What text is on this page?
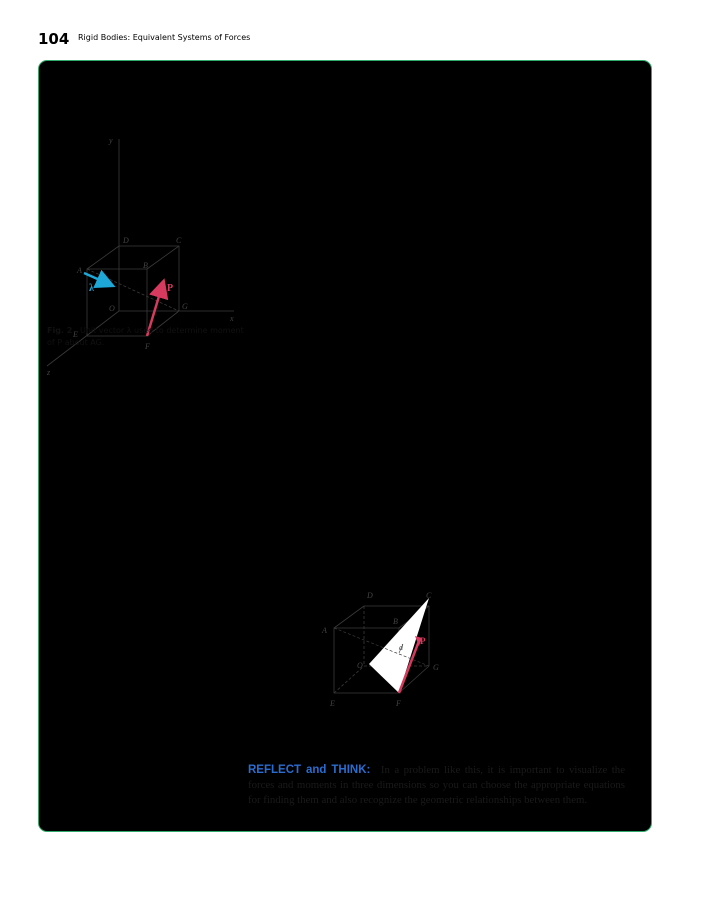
104 Rigid Bodies: Equivalent Systems of Forces
y
x
z
A
B
C
D
E
F
G
O
λ	P
Fig. 2 Unit vector λ used to determine moment of P about AG.
A
B
C
D
E	F
G
O
d
P
REFLECT and THINK: In a problem like this, it is important to visualize the forces and moments in three dimensions so you can choose the appropriate equations for finding them and also recognize the geometric relationships between them.
